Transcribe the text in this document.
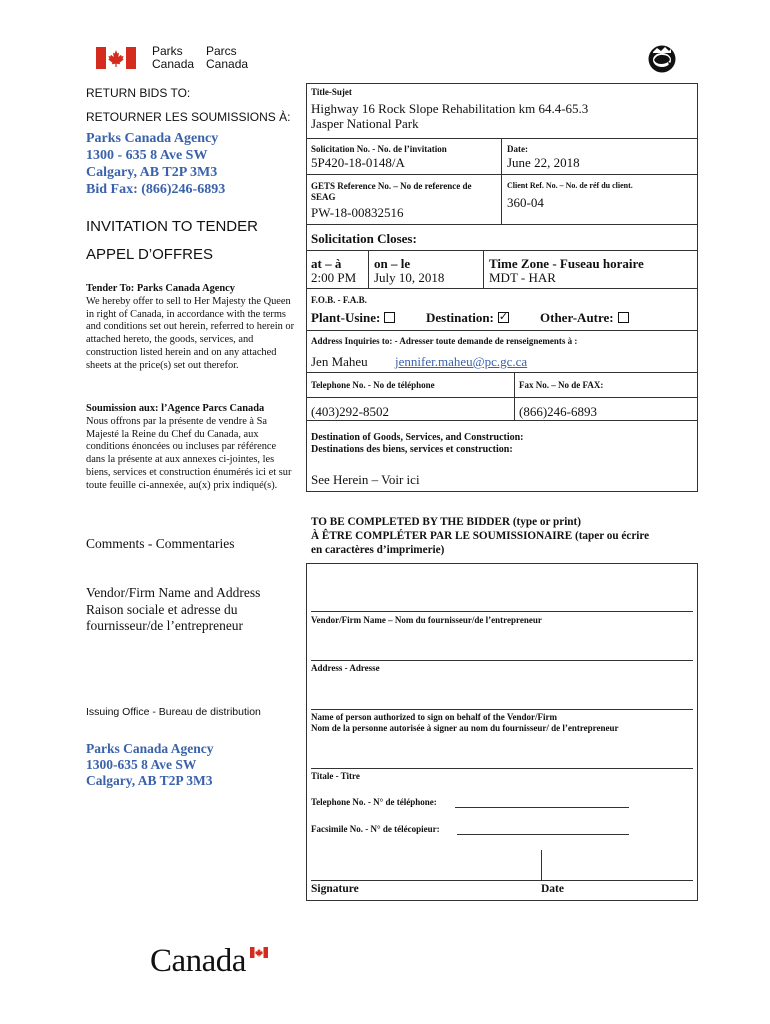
Parks
Canada
Parcs
Canada
RETURN BIDS TO:
RETOURNER LES SOUMISSIONS À:
Parks Canada Agency
1300 - 635 8 Ave SW
Calgary, AB T2P 3M3
Bid Fax: (866)246-6893
INVITATION TO TENDER
APPEL D’OFFRES
Tender To: Parks Canada Agency
We hereby offer to sell to Her Majesty the Queen in right of Canada, in accordance with the terms and conditions set out herein, referred to herein or attached hereto, the goods, services, and construction listed herein and on any attached sheets at the price(s) set out therefor.
Soumission aux: l’Agence Parcs Canada
Nous offrons par la présente de vendre à Sa Majesté la Reine du Chef du Canada, aux conditions énoncées ou incluses par référence dans la présente at aux annexes ci-jointes, les biens, services et construction énumérés ici et sur toute feuille ci-annexée, au(x) prix indiqué(s).
Comments - Commentaries
Vendor/Firm Name and Address
Raison sociale et adresse du
fournisseur/de l’entrepreneur
Issuing Office - Bureau de distribution
Parks Canada Agency
1300-635 8 Ave SW
Calgary, AB T2P 3M3
Title-Sujet
Highway 16 Rock Slope Rehabilitation km 64.4-65.3
Jasper National Park
Solicitation No. - No. de l’invitation
5P420-18-0148/A
Date:
June 22, 2018
GETS Reference No. – No de reference de
SEAG
PW-18-00832516
Client Ref. No. – No. de réf du client.
360-04
Solicitation Closes:
at – à
2:00 PM
on – le
July 10, 2018
Time Zone - Fuseau horaire
MDT - HAR
F.O.B. - F.A.B.
Plant-Usine:	Destination:✓	Other-Autre:
Address Inquiries to: - Adresser toute demande de renseignements à :
Jen Maheu jennifer.maheu@pc.gc.ca
Telephone No. - No de téléphone	Fax No. – No de FAX:
(403)292-8502	(866)246-6893
Destination of Goods, Services, and Construction:
Destinations des biens, services et construction:
See Herein – Voir ici
TO BE COMPLETED BY THE BIDDER (type or print)
À ÊTRE COMPLÉTER PAR LE SOUMISSIONAIRE (taper ou écrire
en caractères d’imprimerie)
Vendor/Firm Name – Nom du fournisseur/de l’entrepreneur
Address - Adresse
Name of person authorized to sign on behalf of the Vendor/Firm
Nom de la personne autorisée à signer au nom du fournisseur/ de l’entrepreneur
Titale - Titre
Telephone No. - N° de téléphone:
Facsimile No. - N° de télécopieur:
Signature	Date
Canada
